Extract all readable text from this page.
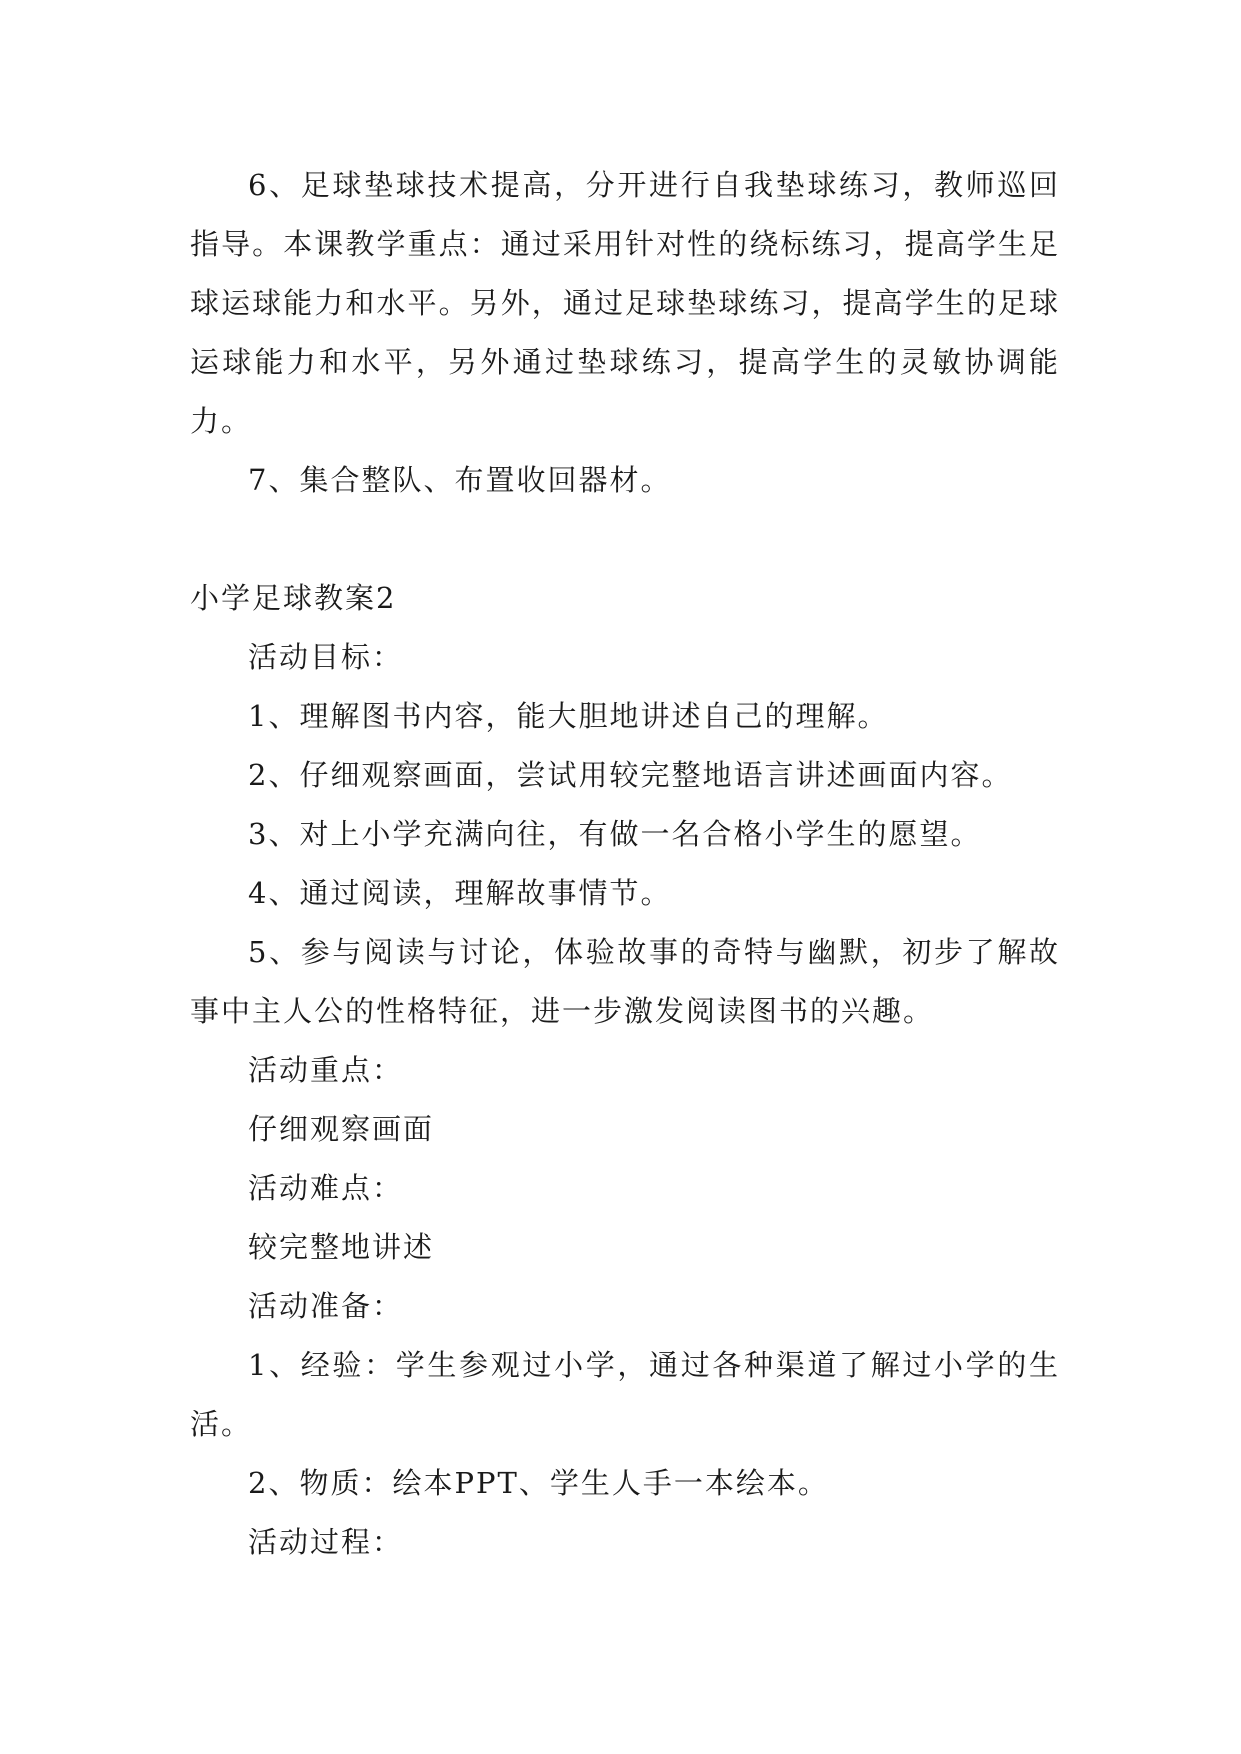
6、足球垫球技术提高，分开进行自我垫球练习，教师巡回指导。本课教学重点：通过采用针对性的绕标练习，提高学生足球运球能力和水平。另外，通过足球垫球练习，提高学生的足球运球能力和水平，另外通过垫球练习，提高学生的灵敏协调能力。

7、集合整队、布置收回器材。

小学足球教案2

活动目标：

1、理解图书内容，能大胆地讲述自己的理解。

2、仔细观察画面，尝试用较完整地语言讲述画面内容。

3、对上小学充满向往，有做一名合格小学生的愿望。

4、通过阅读，理解故事情节。

5、参与阅读与讨论，体验故事的奇特与幽默，初步了解故事中主人公的性格特征，进一步激发阅读图书的兴趣。

活动重点：

仔细观察画面

活动难点：

较完整地讲述

活动准备：

1、经验：学生参观过小学，通过各种渠道了解过小学的生活。

2、物质：绘本PPT、学生人手一本绘本。

活动过程：
